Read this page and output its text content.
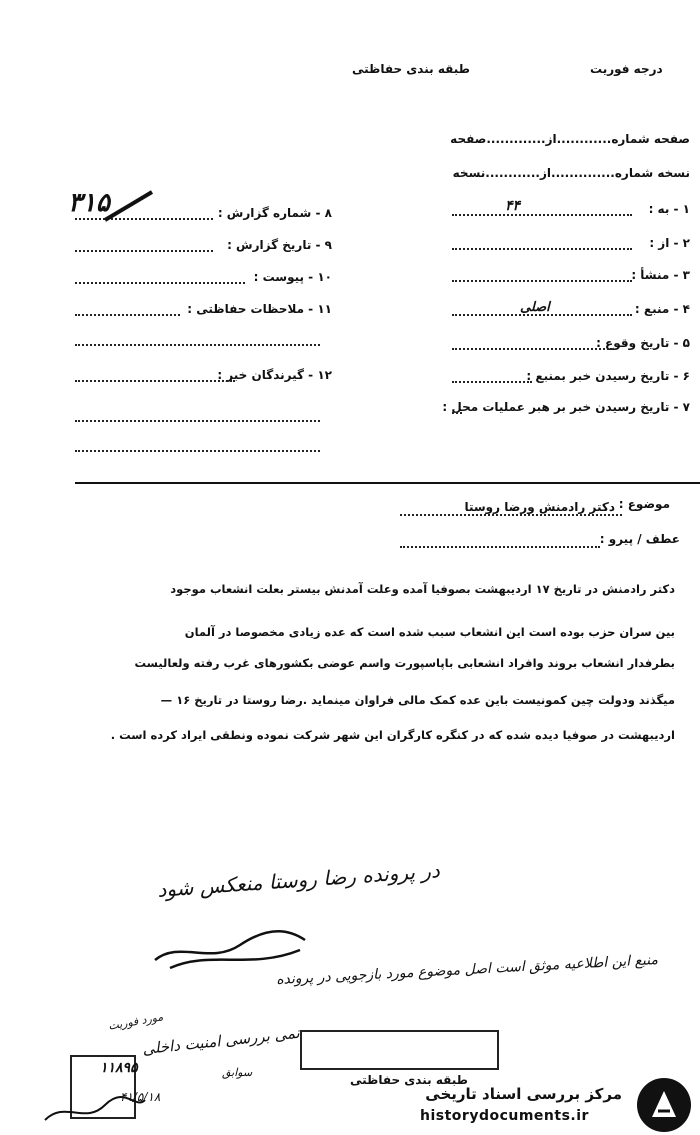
درجه فوریت
طبقه بندی حفاظتی
صفحه شماره............از.............صفحه
نسخه شماره..............از............نسخه
۱ - به :
۴۴
۲ - از :
۳ - منشأ :
۴ - منبع :
اصلی
۵ - تاریخ وقوع :
۶ - تاریخ رسیدن خبر بمنبع :
۷ - تاریخ رسیدن خبر بر هبر عملیات محل :
۸ - شماره گزارش :
۳۱۵
۹ - تاریخ گزارش :
۱۰ - پیوست :
۱۱ - ملاحظات حفاظتی :
۱۲ - گیرندگان خبر :
موضوع :
دکتر رادمنش ورضا روستا
عطف / پیرو :
دکتر رادمنش در تاریخ ۱۷ اردیبهشت بصوفیا آمده وعلت آمدنش بیستر بعلت انشعاب موجود
بین سران حزب بوده است این انشعاب سبب شده است که عده زیادی مخصوصا در آلمان
بطرفدار انشعاب بروند وافراد انشعابی باپاسپورت واسم عوضی بکشورهای غرب رفته ولعالیست
میگذند ودولت چین کمونیست باین عده کمک مالی فراوان مینماید .رضا روستا در تاریخ ۱۶ —
اردیبهشت در صوفیا دیده شده که در کنگره کارگران این شهر شرکت نموده ونطقی ایراد کرده است .
در پرونده رضا روستا منعکس شود
منبع این اطلاعیه موثق است اصل موضوع مورد بازجویی در پرونده
مورد فوریت
نمی بررسی امنیت داخلی
سوابق
۱۱۸۹۵
۴۱/۵/۱۸
طبقه بندی حفاظتی
مرکز بررسی اسناد تاریخی
historydocuments.ir
